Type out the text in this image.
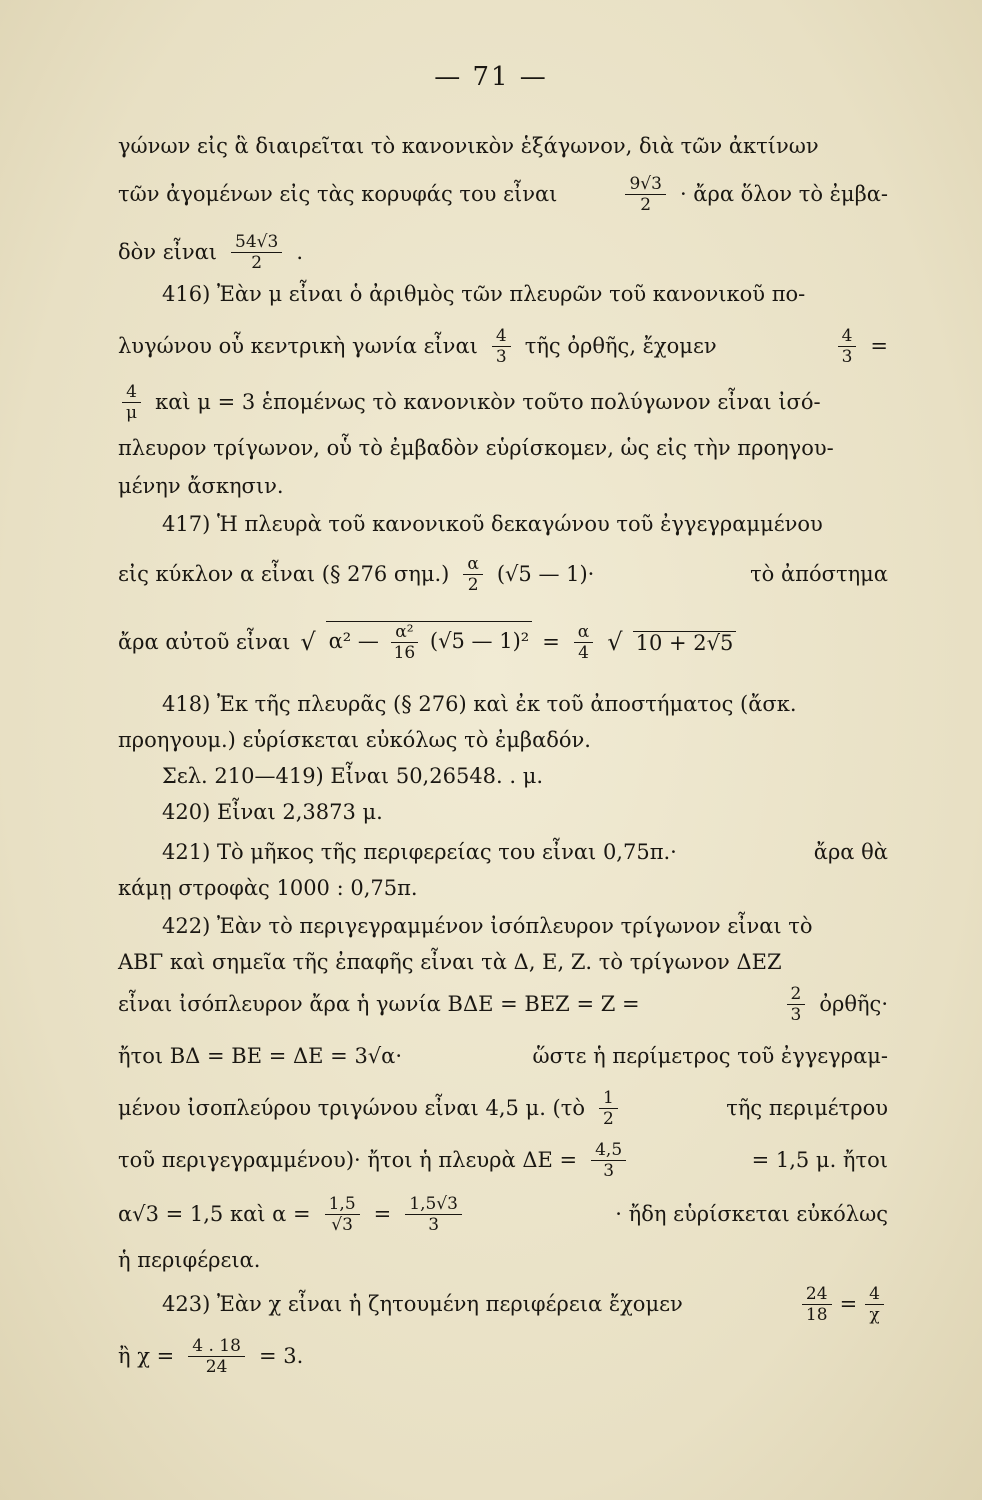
— 71 —
γώνων εἰς ἃ διαιρεῖται τὸ κανονικὸν ἑξάγωνον, διὰ τῶν ἀκτίνων
τῶν ἀγομένων εἰς τὰς κορυφάς του εἶναι	$\frac{9√3}{2}$ · ἄρα ὅλον τὸ ἐμβα-
δὸν εἶναι $\frac{54√3}{2}$ .
416) Ἐὰν μ εἶναι ὁ ἀριθμὸς τῶν πλευρῶν τοῦ κανονικοῦ πο-
λυγώνου οὗ κεντρικὴ γωνία εἶναι $\frac{4}{3}$ τῆς ὀρθῆς, ἔχομεν	$\frac{4}{3}$ =
$\frac{4}{\mu}$ καὶ μ = 3 ἑπομένως τὸ κανονικὸν τοῦτο πολύγωνον εἶναι ἰσό-
πλευρον τρίγωνον, οὗ τὸ ἐμβαδὸν εὑρίσκομεν, ὡς εἰς τὴν προηγου-
μένην ἄσκησιν.
417) Ἡ πλευρὰ τοῦ κανονικοῦ δεκαγώνου τοῦ ἐγγεγραμμένου
εἰς κύκλον α εἶναι (§ 276 $\sigma\eta\mu.) \frac{\alpha}{2} (√5$ — 1)·	τὸ ἀπόστημα
ἄρα αὐτοῦ εἶναι √ α² — $\frac{\text{α²}}{16} (√5$ — $1)^2 = \frac{\alpha}{4}$ √ 10 + 2√5
418) Ἐκ τῆς πλευρᾶς (§ 276) καὶ ἐκ τοῦ ἀποστήματος (ἄσκ.
προηγουμ.) εὑρίσκεται εὐκόλως τὸ ἐμβαδόν.
Σελ. 210—419) Εἶναι 50,26548. . μ.
420) Εἶναι 2,3873 μ.
421) Τὸ μῆκος τῆς περιφερείας του εἶναι 0,75π.·	ἄρα θὰ
κάμῃ στροφὰς 1000 : 0,75π.
422) Ἐὰν τὸ περιγεγραμμένον ἰσόπλευρον τρίγωνον εἶναι τὸ
ΑΒΓ καὶ σημεῖα τῆς ἐπαφῆς εἶναι τὰ Δ, Ε, Ζ. τὸ τρίγωνον ΔΕΖ
εἶναι ἰσόπλευρον ἄρα ἡ γωνία ΒΔΕ = ΒΕΖ = Ζ =	$\frac{2}{3}$ ὀρθῆς·
ἤτοι ΒΔ = ΒΕ = ΔΕ = 3√α·	ὥστε ἡ περίμετρος τοῦ ἐγγεγραμ-
μένου ἰσοπλεύρου τριγώνου εἶναι 4,5 μ. (τὸ $\frac{1}{2}$	τῆς περιμέτρου
τοῦ περιγεγραμμένου)· ἤτοι ἡ πλευρὰ $\Delta E = \frac{4,5}{3}$	= 1,5 μ. ἤτοι
α√3 = 1,5 καὶ $\alpha = \frac{1,5}{√3} = \frac{1,5√3}{3}$	· ἤδη εὑρίσκεται εὐκόλως
ἡ περιφέρεια.
423) Ἐὰν χ εἶναι ἡ ζητουμένη περιφέρεια ἔχομεν	$\frac{24}{18} = \frac{4}{\chi}$
ἢ $\chi = \frac{4 . 18}{24} = 3$.
